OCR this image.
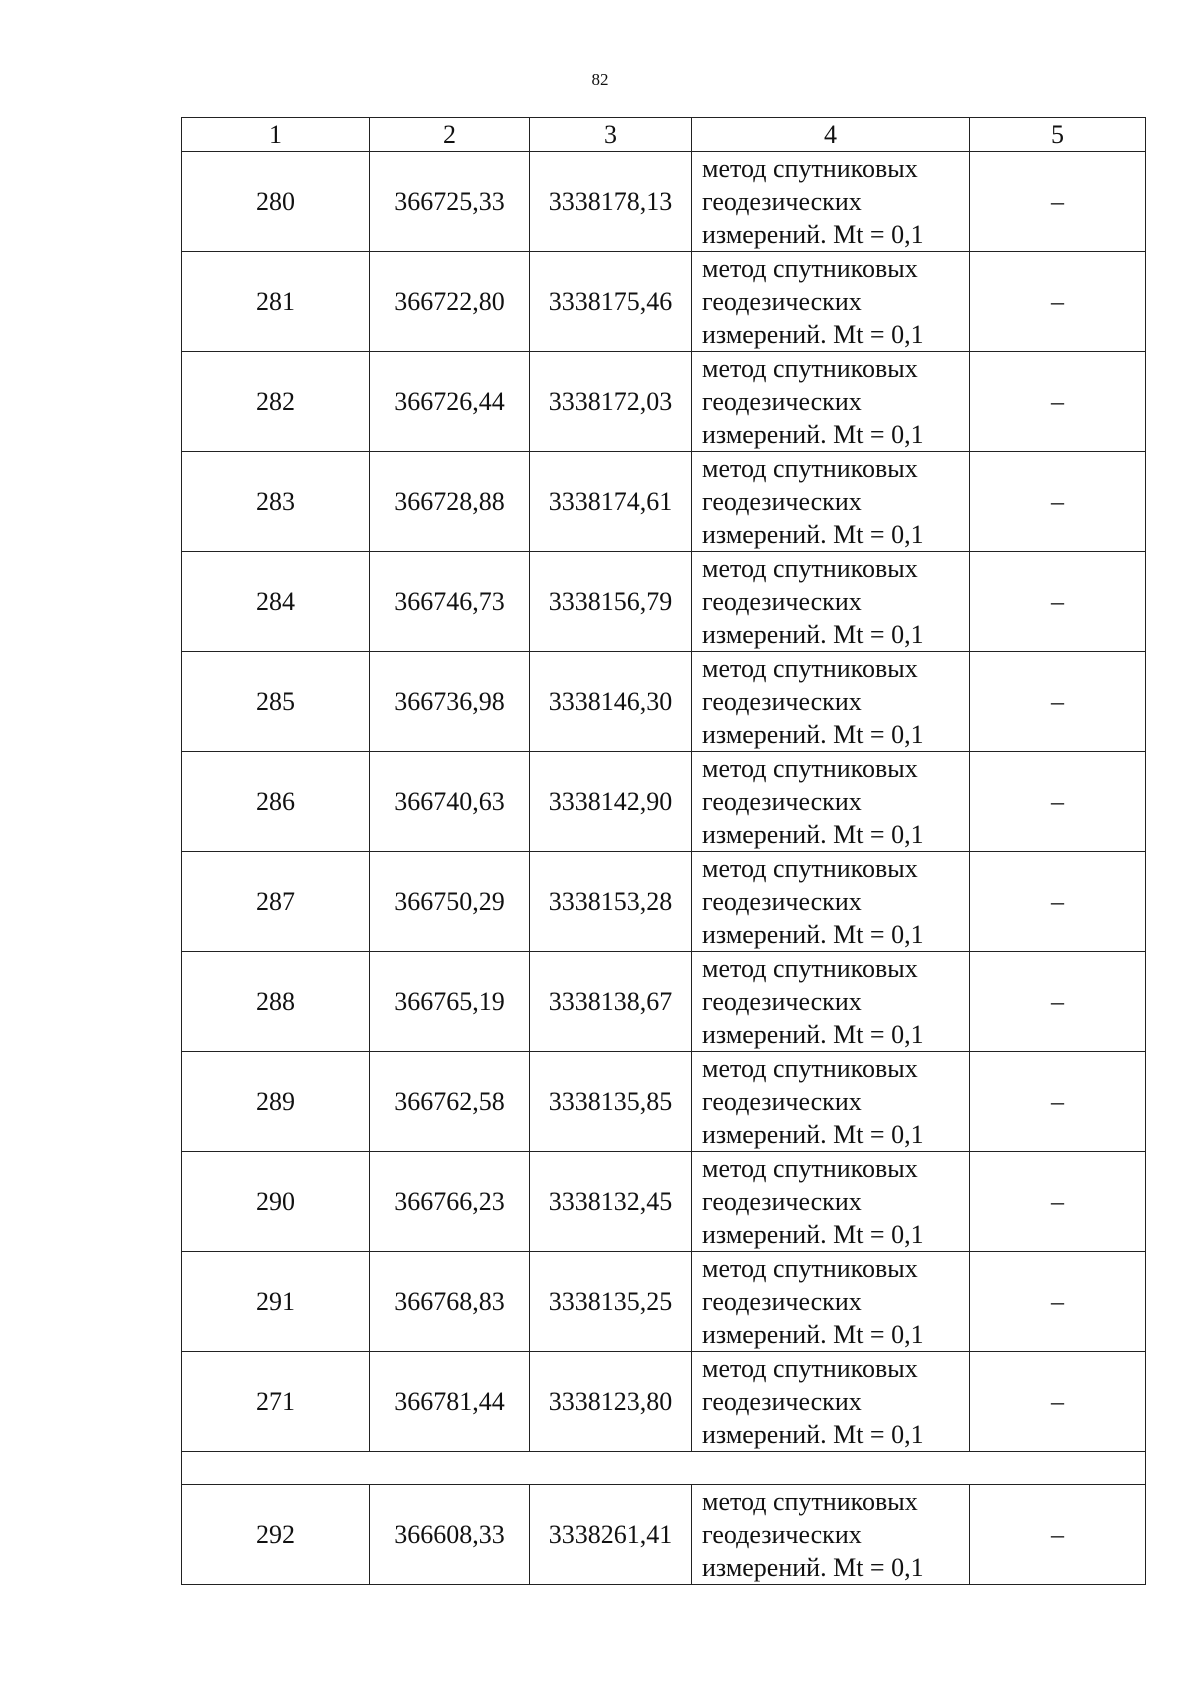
82
1	2	3	4	5
280	366725,33	3338178,13	метод спутниковых
геодезических
измерений. Mt = 0,1	–
281	366722,80	3338175,46	метод спутниковых
геодезических
измерений. Mt = 0,1	–
282	366726,44	3338172,03	метод спутниковых
геодезических
измерений. Mt = 0,1	–
283	366728,88	3338174,61	метод спутниковых
геодезических
измерений. Mt = 0,1	–
284	366746,73	3338156,79	метод спутниковых
геодезических
измерений. Mt = 0,1	–
285	366736,98	3338146,30	метод спутниковых
геодезических
измерений. Mt = 0,1	–
286	366740,63	3338142,90	метод спутниковых
геодезических
измерений. Mt = 0,1	–
287	366750,29	3338153,28	метод спутниковых
геодезических
измерений. Mt = 0,1	–
288	366765,19	3338138,67	метод спутниковых
геодезических
измерений. Mt = 0,1	–
289	366762,58	3338135,85	метод спутниковых
геодезических
измерений. Mt = 0,1	–
290	366766,23	3338132,45	метод спутниковых
геодезических
измерений. Mt = 0,1	–
291	366768,83	3338135,25	метод спутниковых
геодезических
измерений. Mt = 0,1	–
271	366781,44	3338123,80	метод спутниковых
геодезических
измерений. Mt = 0,1	–

292	366608,33	3338261,41	метод спутниковых
геодезических
измерений. Mt = 0,1	–
